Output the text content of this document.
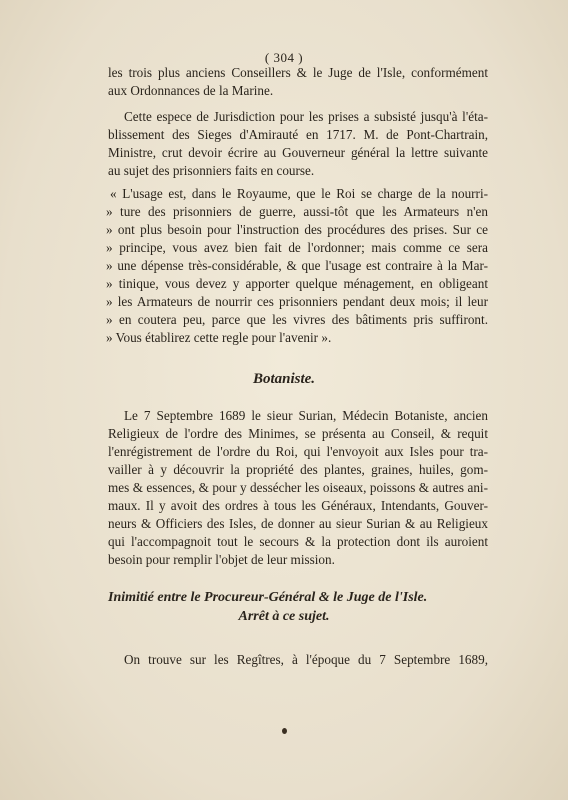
( 304 )
les trois plus anciens Conseillers & le Juge de l'Isle, conformément
aux Ordonnances de la Marine.
Cette espece de Jurisdiction pour les prises a subsisté jusqu'à l'éta-
blissement des Sieges d'Amirauté en 1717. M. de Pont-Chartrain,
Ministre, crut devoir écrire au Gouverneur général la lettre suivante
au sujet des prisonniers faits en course.
« L'usage est, dans le Royaume, que le Roi se charge de la nourri-
» ture des prisonniers de guerre, aussi-tôt que les Armateurs n'en
» ont plus besoin pour l'instruction des procédures des prises. Sur ce
» principe, vous avez bien fait de l'ordonner; mais comme ce sera
» une dépense très-considérable, & que l'usage est contraire à la Mar-
» tinique, vous devez y apporter quelque ménagement, en obligeant
» les Armateurs de nourrir ces prisonniers pendant deux mois; il leur
» en coutera peu, parce que les vivres des bâtiments pris suffiront.
» Vous établirez cette regle pour l'avenir ».
Botaniste.
Le 7 Septembre 1689 le sieur Surian, Médecin Botaniste, ancien
Religieux de l'ordre des Minimes, se présenta au Conseil, & requit
l'enrégistrement de l'ordre du Roi, qui l'envoyoit aux Isles pour tra-
vailler à y découvrir la propriété des plantes, graines, huiles, gom-
mes & essences, & pour y dessécher les oiseaux, poissons & autres ani-
maux. Il y avoit des ordres à tous les Généraux, Intendants, Gouver-
neurs & Officiers des Isles, de donner au sieur Surian & au Religieux
qui l'accompagnoit tout le secours & la protection dont ils auroient
besoin pour remplir l'objet de leur mission.
Inimitié entre le Procureur-Général & le Juge de l'Isle.
Arrêt à ce sujet.
On trouve sur les Regîtres, à l'époque du 7 Septembre 1689,
